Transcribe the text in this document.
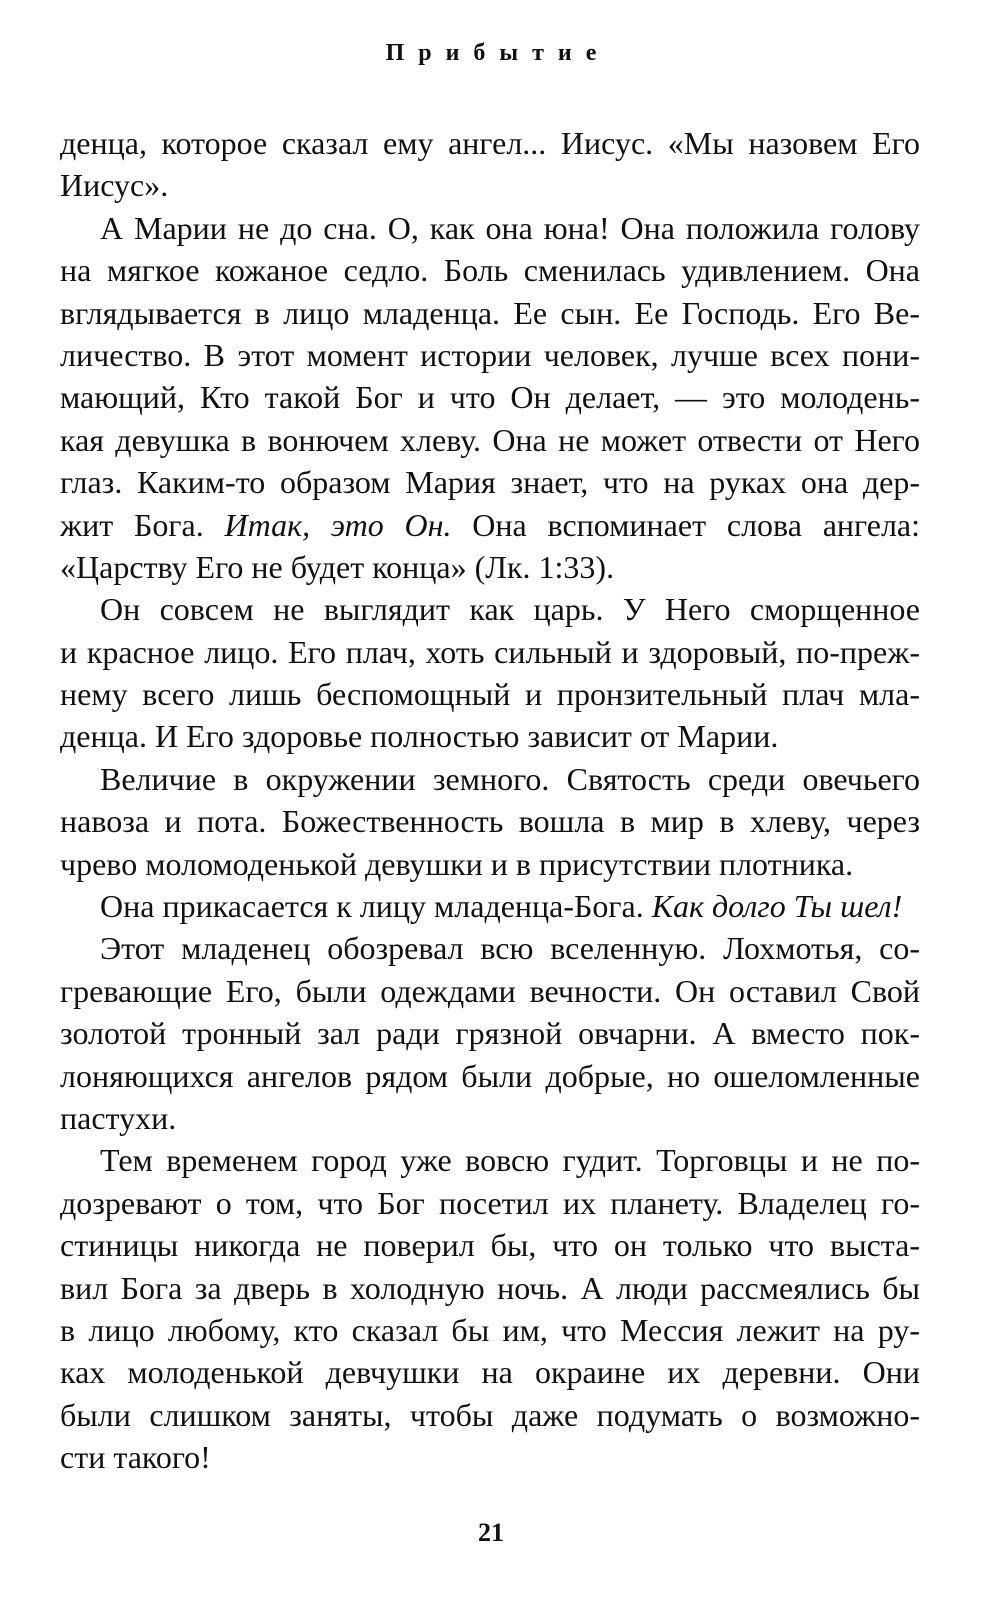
Прибытие
денца, которое сказал ему ангел... Иисус. «Мы назовем Его
Иисус».
А Марии не до сна. О, как она юна! Она положила голову
на мягкое кожаное седло. Боль сменилась удивлением. Она
вглядывается в лицо младенца. Ее сын. Ее Господь. Его Ве-
личество. В этот момент истории человек, лучше всех пони-
мающий, Кто такой Бог и что Он делает, — это молодень-
кая девушка в вонючем хлеву. Она не может отвести от Него
глаз. Каким-то образом Мария знает, что на руках она дер-
жит Бога. Итак, это Он. Она вспоминает слова ангела:
«Царству Его не будет конца» (Лк. 1:33).
Он совсем не выглядит как царь. У Него сморщенное
и красное лицо. Его плач, хоть сильный и здоровый, по-преж-
нему всего лишь беспомощный и пронзительный плач мла-
денца. И Его здоровье полностью зависит от Марии.
Величие в окружении земного. Святость среди овечьего
навоза и пота. Божественность вошла в мир в хлеву, через
чрево моломоденькой девушки и в присутствии плотника.
Она прикасается к лицу младенца-Бога. Как долго Ты шел!
Этот младенец обозревал всю вселенную. Лохмотья, со-
гревающие Его, были одеждами вечности. Он оставил Свой
золотой тронный зал ради грязной овчарни. А вместо пок-
лоняющихся ангелов рядом были добрые, но ошеломленные
пастухи.
Тем временем город уже вовсю гудит. Торговцы и не по-
дозревают о том, что Бог посетил их планету. Владелец го-
стиницы никогда не поверил бы, что он только что выста-
вил Бога за дверь в холодную ночь. А люди рассмеялись бы
в лицо любому, кто сказал бы им, что Мессия лежит на ру-
ках молоденькой девчушки на окраине их деревни. Они
были слишком заняты, чтобы даже подумать о возможно-
сти такого!
21
